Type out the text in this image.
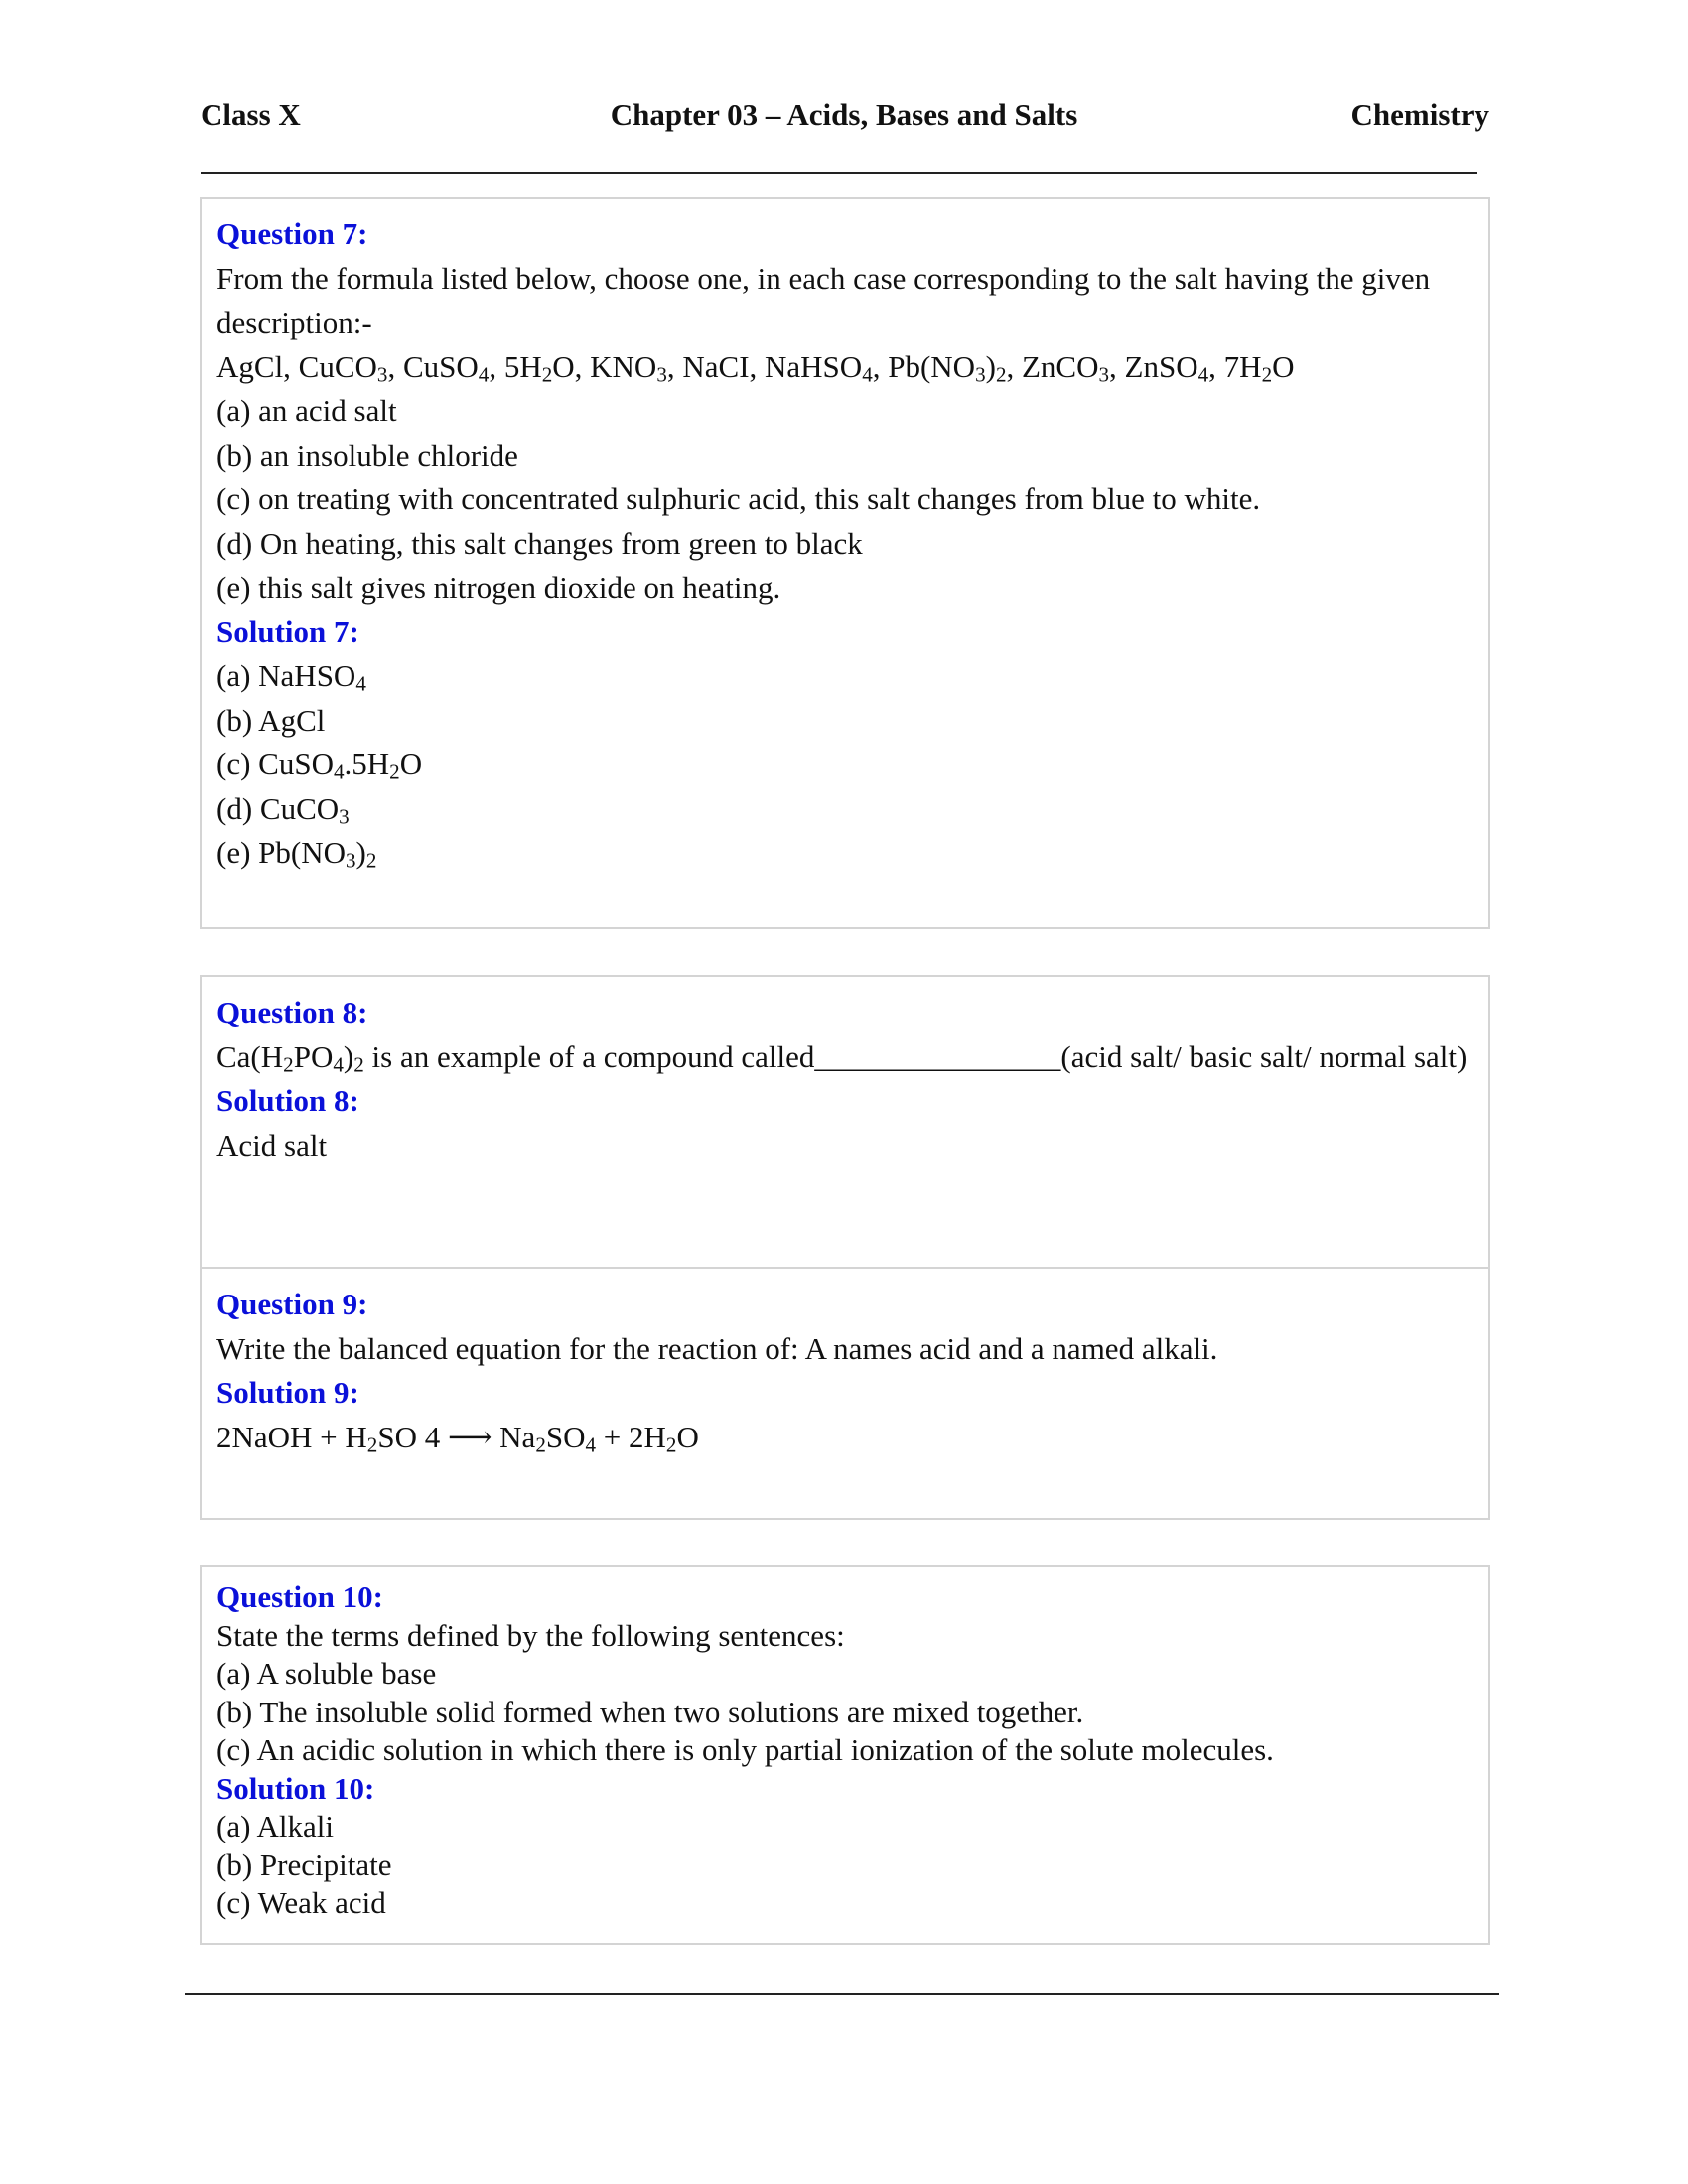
Class X	Chapter 03 – Acids, Bases and Salts	Chemistry
Question 7:
From the formula listed below, choose one, in each case corresponding to the salt having the given description:-
AgCl, CuCO$_3$, CuSO$_4$, $5H_2O$, $KNO_3$, NaCI, NaHSO$_4$, $Pb(NO_3)_2$, ZnCO$_3$, ZnSO$_4$, $7H_2O$
(a) an acid salt
(b) an insoluble chloride
(c) on treating with concentrated sulphuric acid, this salt changes from blue to white.
(d) On heating, this salt changes from green to black
(e) this salt gives nitrogen dioxide on heating.
Solution 7:
(a) NaHSO$_4$
(b) AgCl
(c) $CuSO_4.5H_2O$
(d) CuCO$_3$
(e) $Pb(NO_3)_2$
Question 8:
$Ca(H_2PO_4)_2$ is an example of a compound called________________(acid salt/ basic salt/ normal salt)
Solution 8:
Acid salt
Question 9:
Write the balanced equation for the reaction of: A names acid and a named alkali.
Solution 9:
2NaOH + $H_2SO$ 4 ⟶ $Na_2SO_4 + 2H_2O$
Question 10:
State the terms defined by the following sentences:
(a) A soluble base
(b) The insoluble solid formed when two solutions are mixed together.
(c) An acidic solution in which there is only partial ionization of the solute molecules.
Solution 10:
(a) Alkali
(b) Precipitate
(c) Weak acid
